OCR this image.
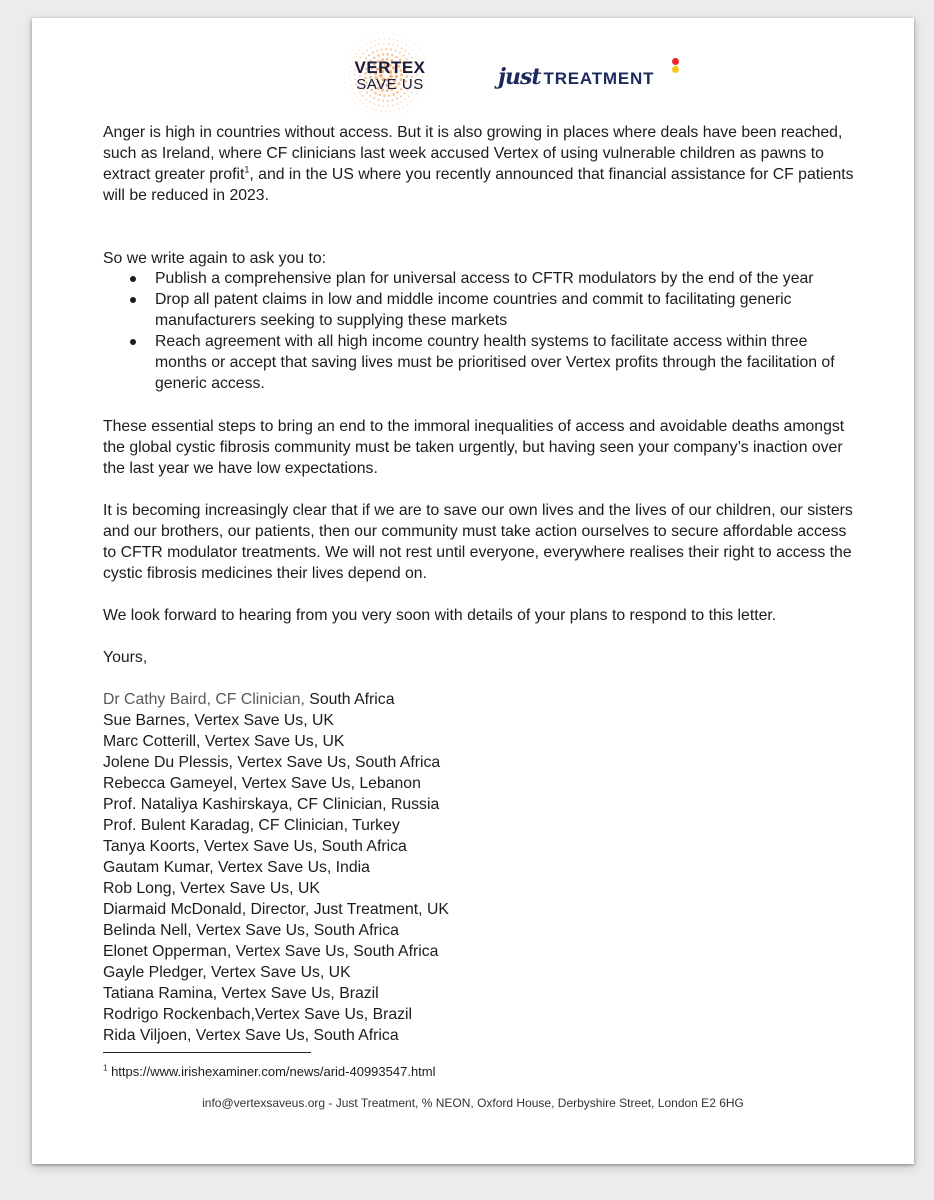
VERTEX
SAVE US	just TREATMENT

Anger is high in countries without access. But it is also growing in places where deals have been reached, such as Ireland, where CF clinicians last week accused Vertex of using vulnerable children as pawns to extract greater profit$^1$, and in the US where you recently announced that financial assistance for CF patients will be reduced in 2023.

So we write again to ask you to:

Publish a comprehensive plan for universal access to CFTR modulators by the end of the year
Drop all patent claims in low and middle income countries and commit to facilitating generic manufacturers seeking to supplying these markets
Reach agreement with all high income country health systems to facilitate access within three months or accept that saving lives must be prioritised over Vertex profits through the facilitation of generic access.

These essential steps to bring an end to the immoral inequalities of access and avoidable deaths amongst the global cystic fibrosis community must be taken urgently, but having seen your company’s inaction over the last year we have low expectations.

It is becoming increasingly clear that if we are to save our own lives and the lives of our children, our sisters and our brothers, our patients, then our community must take action ourselves to secure affordable access to CFTR modulator treatments. We will not rest until everyone, everywhere realises their right to access the cystic fibrosis medicines their lives depend on.

We look forward to hearing from you very soon with details of your plans to respond to this letter.

Yours,

Dr Cathy Baird, CF Clinician, South Africa
Sue Barnes, Vertex Save Us, UK
Marc Cotterill, Vertex Save Us, UK
Jolene Du Plessis, Vertex Save Us, South Africa
Rebecca Gameyel, Vertex Save Us, Lebanon
Prof. Nataliya Kashirskaya, CF Clinician, Russia
Prof. Bulent Karadag, CF Clinician, Turkey
Tanya Koorts, Vertex Save Us, South Africa
Gautam Kumar, Vertex Save Us, India
Rob Long, Vertex Save Us, UK
Diarmaid McDonald, Director, Just Treatment, UK
Belinda Nell, Vertex Save Us, South Africa
Elonet Opperman, Vertex Save Us, South Africa
Gayle Pledger, Vertex Save Us, UK
Tatiana Ramina, Vertex Save Us, Brazil
Rodrigo Rockenbach,Vertex Save Us, Brazil
Rida Viljoen, Vertex Save Us, South Africa
$^1$ https://www.irishexaminer.com/news/arid-40993547.html
info@vertexsaveus.org - Just Treatment, % NEON, Oxford House, Derbyshire Street, London E2 6HG
